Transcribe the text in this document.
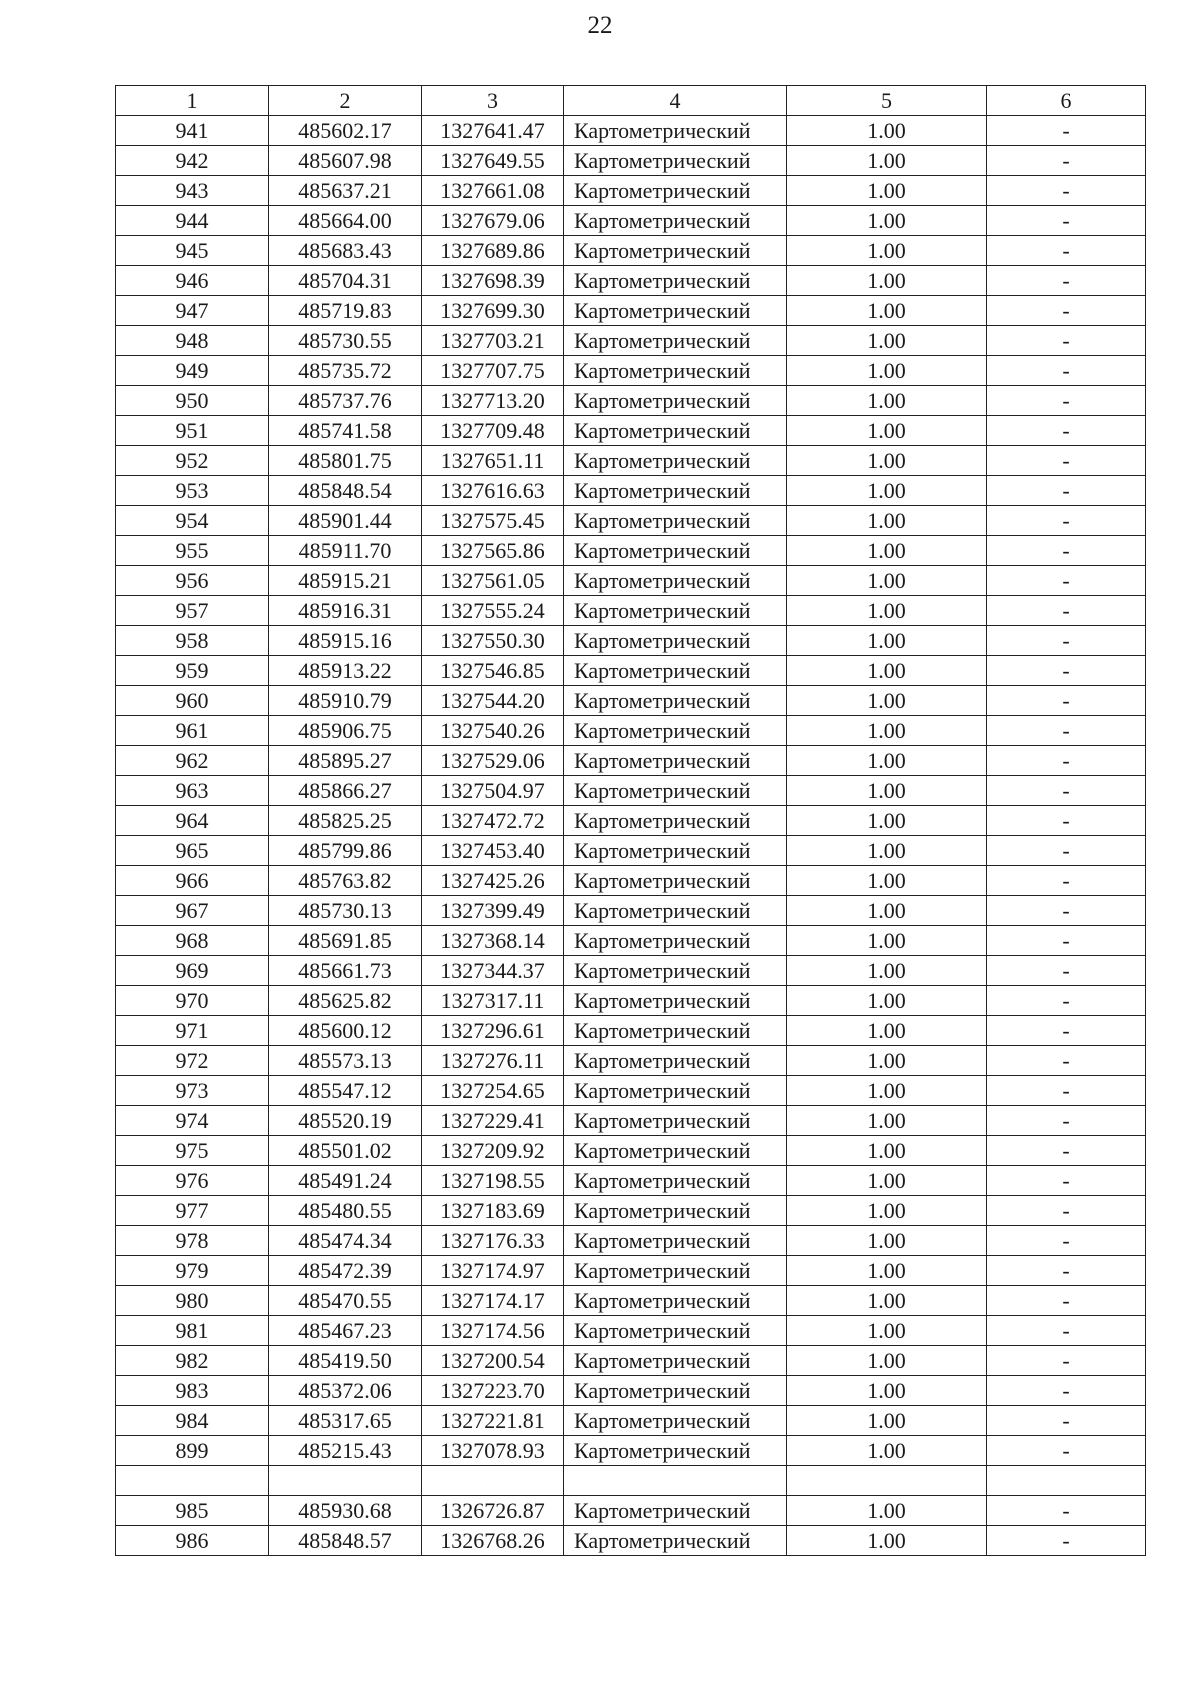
22
1	2	3	4	5	6
941	485602.17	1327641.47	Картометрический	1.00	-
942	485607.98	1327649.55	Картометрический	1.00	-
943	485637.21	1327661.08	Картометрический	1.00	-
944	485664.00	1327679.06	Картометрический	1.00	-
945	485683.43	1327689.86	Картометрический	1.00	-
946	485704.31	1327698.39	Картометрический	1.00	-
947	485719.83	1327699.30	Картометрический	1.00	-
948	485730.55	1327703.21	Картометрический	1.00	-
949	485735.72	1327707.75	Картометрический	1.00	-
950	485737.76	1327713.20	Картометрический	1.00	-
951	485741.58	1327709.48	Картометрический	1.00	-
952	485801.75	1327651.11	Картометрический	1.00	-
953	485848.54	1327616.63	Картометрический	1.00	-
954	485901.44	1327575.45	Картометрический	1.00	-
955	485911.70	1327565.86	Картометрический	1.00	-
956	485915.21	1327561.05	Картометрический	1.00	-
957	485916.31	1327555.24	Картометрический	1.00	-
958	485915.16	1327550.30	Картометрический	1.00	-
959	485913.22	1327546.85	Картометрический	1.00	-
960	485910.79	1327544.20	Картометрический	1.00	-
961	485906.75	1327540.26	Картометрический	1.00	-
962	485895.27	1327529.06	Картометрический	1.00	-
963	485866.27	1327504.97	Картометрический	1.00	-
964	485825.25	1327472.72	Картометрический	1.00	-
965	485799.86	1327453.40	Картометрический	1.00	-
966	485763.82	1327425.26	Картометрический	1.00	-
967	485730.13	1327399.49	Картометрический	1.00	-
968	485691.85	1327368.14	Картометрический	1.00	-
969	485661.73	1327344.37	Картометрический	1.00	-
970	485625.82	1327317.11	Картометрический	1.00	-
971	485600.12	1327296.61	Картометрический	1.00	-
972	485573.13	1327276.11	Картометрический	1.00	-
973	485547.12	1327254.65	Картометрический	1.00	-
974	485520.19	1327229.41	Картометрический	1.00	-
975	485501.02	1327209.92	Картометрический	1.00	-
976	485491.24	1327198.55	Картометрический	1.00	-
977	485480.55	1327183.69	Картометрический	1.00	-
978	485474.34	1327176.33	Картометрический	1.00	-
979	485472.39	1327174.97	Картометрический	1.00	-
980	485470.55	1327174.17	Картометрический	1.00	-
981	485467.23	1327174.56	Картометрический	1.00	-
982	485419.50	1327200.54	Картометрический	1.00	-
983	485372.06	1327223.70	Картометрический	1.00	-
984	485317.65	1327221.81	Картометрический	1.00	-
899	485215.43	1327078.93	Картометрический	1.00	-

985	485930.68	1326726.87	Картометрический	1.00	-
986	485848.57	1326768.26	Картометрический	1.00	-
